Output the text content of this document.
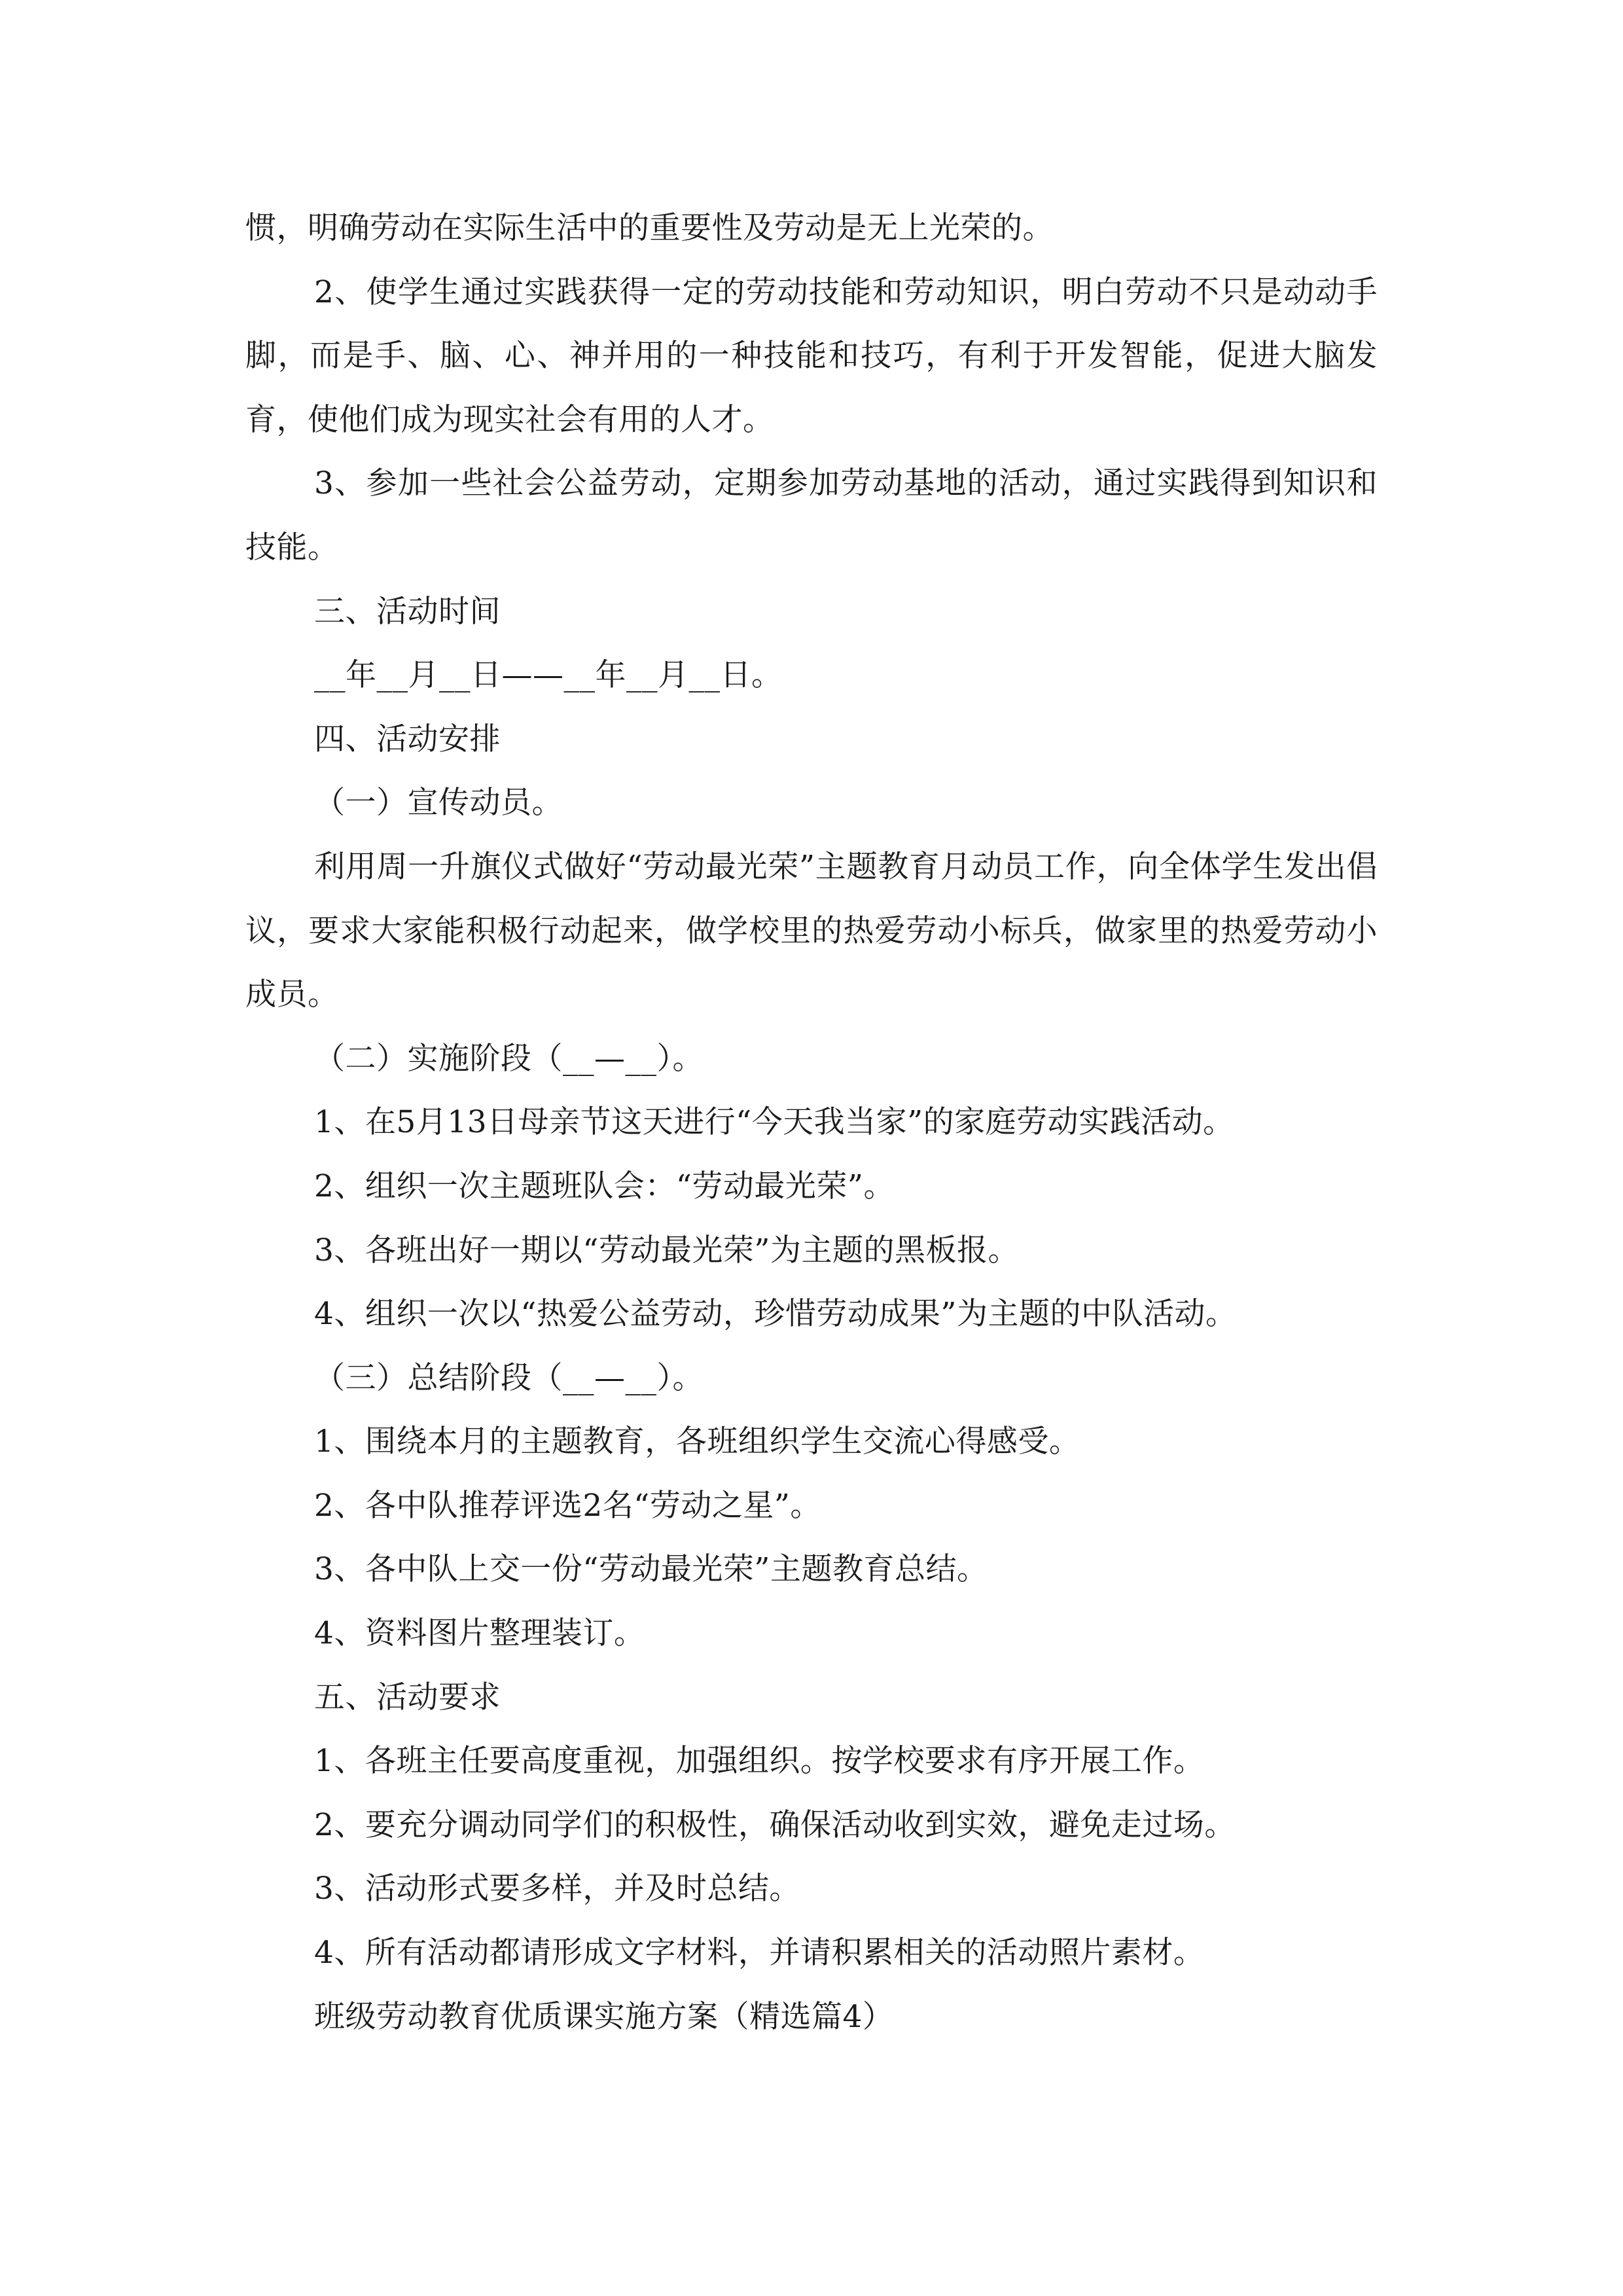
惯，明确劳动在实际生活中的重要性及劳动是无上光荣的。

2、使学生通过实践获得一定的劳动技能和劳动知识，明白劳动不只是动动手脚，而是手、脑、心、神并用的一种技能和技巧，有利于开发智能，促进大脑发育，使他们成为现实社会有用的人才。

3、参加一些社会公益劳动，定期参加劳动基地的活动，通过实践得到知识和技能。

三、活动时间

__年__月__日——__年__月__日。

四、活动安排

（一）宣传动员。

利用周一升旗仪式做好“劳动最光荣”主题教育月动员工作，向全体学生发出倡议，要求大家能积极行动起来，做学校里的热爱劳动小标兵，做家里的热爱劳动小成员。

（二）实施阶段（__—__）。

1、在5月13日母亲节这天进行“今天我当家”的家庭劳动实践活动。

2、组织一次主题班队会：“劳动最光荣”。

3、各班出好一期以“劳动最光荣”为主题的黑板报。

4、组织一次以“热爱公益劳动，珍惜劳动成果”为主题的中队活动。

（三）总结阶段（__—__）。

1、围绕本月的主题教育，各班组织学生交流心得感受。

2、各中队推荐评选2名“劳动之星”。

3、各中队上交一份“劳动最光荣”主题教育总结。

4、资料图片整理装订。

五、活动要求

1、各班主任要高度重视，加强组织。按学校要求有序开展工作。

2、要充分调动同学们的积极性，确保活动收到实效，避免走过场。

3、活动形式要多样，并及时总结。

4、所有活动都请形成文字材料，并请积累相关的活动照片素材。

班级劳动教育优质课实施方案（精选篇4）
